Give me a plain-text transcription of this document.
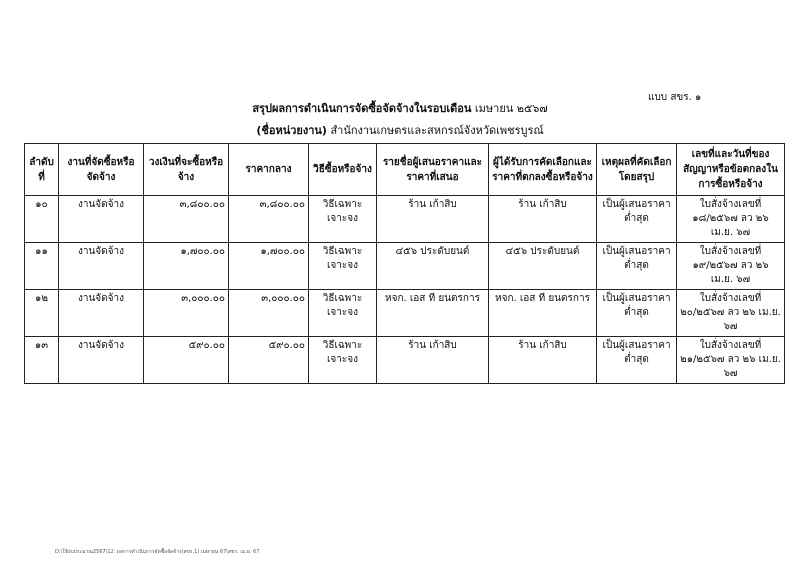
แบบ สขร. ๑
สรุปผลการดำเนินการจัดซื้อจัดจ้างในรอบเดือน เมษายน ๒๕๖๗
(ชื่อหน่วยงาน) สำนักงานเกษตรและสหกรณ์จังหวัดเพชรบูรณ์
ลำดับที่	งานที่จัดซื้อหรือจัดจ้าง	วงเงินที่จะซื้อหรือจ้าง	ราคากลาง	วิธีซื้อหรือจ้าง	รายชื่อผู้เสนอราคาและราคาที่เสนอ	ผู้ได้รับการคัดเลือกและราคาที่ตกลงซื้อหรือจ้าง	เหตุผลที่คัดเลือกโดยสรุป	เลขที่และวันที่ของสัญญาหรือข้อตกลงในการซื้อหรือจ้าง
๑๐	งานจัดจ้าง	๓,๘๐๐.๐๐	๓,๘๐๐.๐๐	วิธีเฉพาะเจาะจง	ร้าน เก้าสิบ	ร้าน เก้าสิบ	เป็นผู้เสนอราคาต่ำสุด	ใบสั่งจ้างเลขที่ ๑๘/๒๕๖๗ ลว ๒๖ เม.ย. ๖๗
๑๑	งานจัดจ้าง	๑,๗๐๐.๐๐	๑,๗๐๐.๐๐	วิธีเฉพาะเจาะจง	๔๕๖ ประดับยนต์	๔๕๖ ประดับยนต์	เป็นผู้เสนอราคาต่ำสุด	ใบสั่งจ้างเลขที่ ๑๙/๒๕๖๗ ลว ๒๖ เม.ย. ๖๗
๑๒	งานจัดจ้าง	๓,๐๐๐.๐๐	๓,๐๐๐.๐๐	วิธีเฉพาะเจาะจง	หจก. เอส ที ยนตรการ	หจก. เอส ที ยนตรการ	เป็นผู้เสนอราคาต่ำสุด	ใบสั่งจ้างเลขที่ ๒๐/๒๕๖๗ ลว ๒๖ เม.ย. ๖๗
๑๓	งานจัดจ้าง	๕๙๐.๐๐	๕๙๐.๐๐	วิธีเฉพาะเจาะจง	ร้าน เก้าสิบ	ร้าน เก้าสิบ	เป็นผู้เสนอราคาต่ำสุด	ใบสั่งจ้างเลขที่ ๒๑/๒๕๖๗ ลว ๒๖ เม.ย. ๖๗
D:\ใช้งบประมาณ2567\12. ผลการดำเนินการจัดซื้อจัดจ้าง(สขร.1) เมษายน 67\สขร. เม.ย. 67
